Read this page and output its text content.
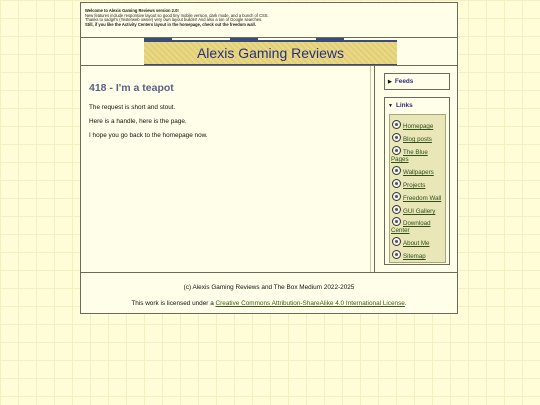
Welcome to Alexis Gaming Reviews version 2.0!
New features include responsive layout so good tiny mobile version, dark mode, and a bunch of CSS.
Thanks to sadgrl's (Yesterweb owner) very own layout builder! And also a ton of Google searches.
Still, if you like the Activity Centers layout in the homepage, check out the freedom wall.
Alexis Gaming Reviews
418 - I'm a teapot

The request is short and stout.

Here is a handle, here is the page.

I hope you go back to the homepage now.

▶ Feeds
▼ Links
Homepage
Blog posts
The Blue Pages
Wallpapers
Projects
Freedom Wall
GUI Gallery
Download Center
About Me
Sitemap
(c) Alexis Gaming Reviews and The Box Medium 2022-2025
This work is licensed under a Creative Commons Attribution-ShareAlike 4.0 International License.
